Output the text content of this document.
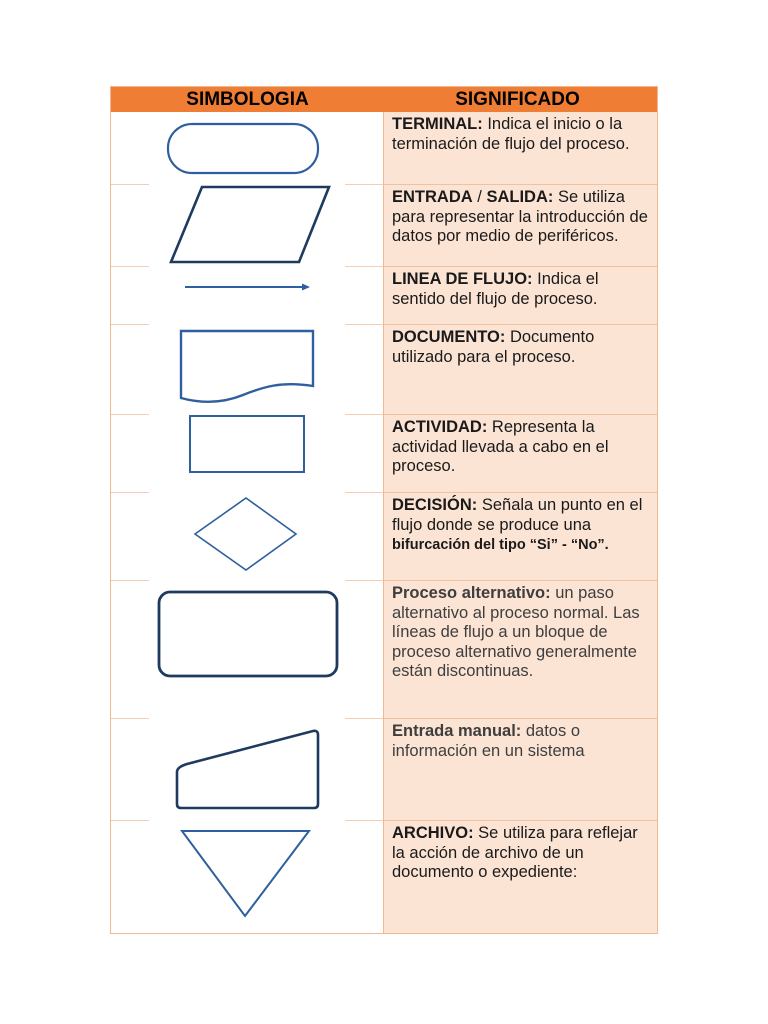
SIMBOLOGIA	SIGNIFICADO
TERMINAL: Indica el inicio o la terminación de flujo del proceso.
ENTRADA / SALIDA: Se utiliza para representar la introducción de datos por medio de periféricos.
LINEA DE FLUJO: Indica el sentido del flujo de proceso.
DOCUMENTO: Documento utilizado para el proceso.
ACTIVIDAD: Representa la actividad llevada a cabo en el proceso.
DECISIÓN: Señala un punto en el flujo donde se produce una bifurcación del tipo “Si” - “No”.
Proceso alternativo: un paso alternativo al proceso normal. Las líneas de flujo a un bloque de proceso alternativo generalmente están discontinuas.
Entrada manual: datos o información en un sistema
ARCHIVO: Se utiliza para reflejar la acción de archivo de un documento o expediente:
